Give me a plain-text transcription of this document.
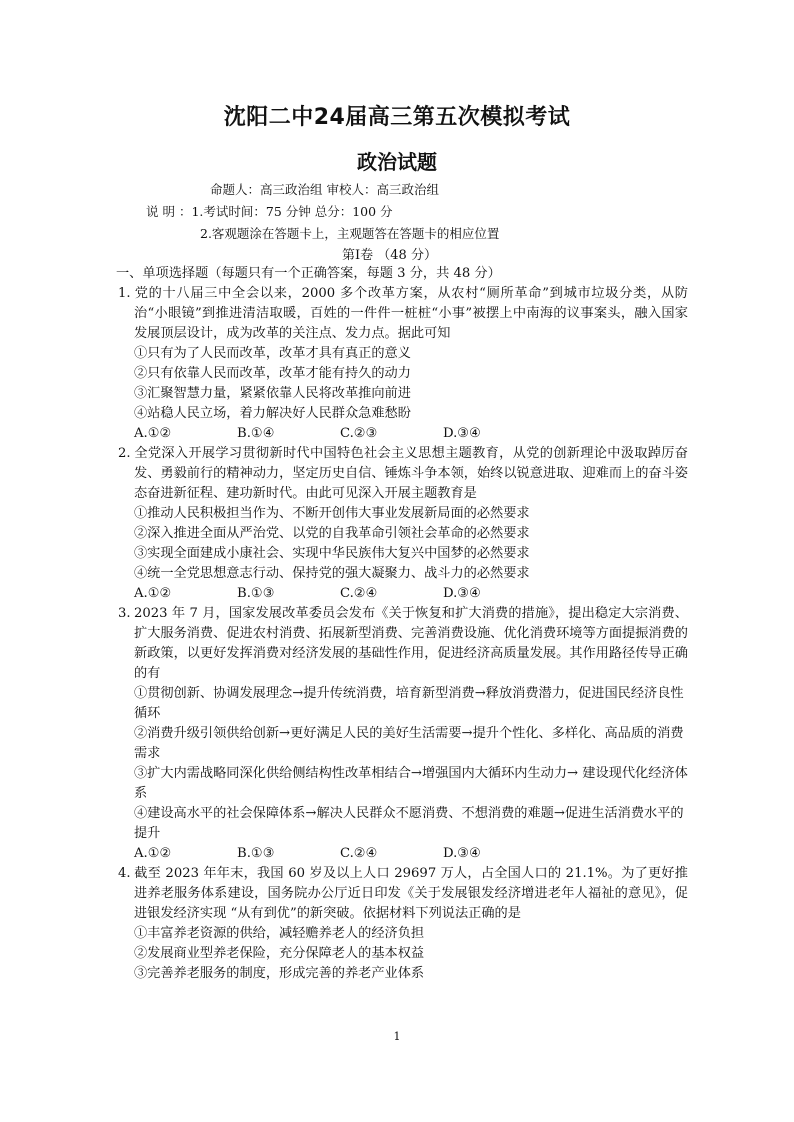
沈阳二中24届高三第五次模拟考试
政治试题
命题人：高三政治组 审校人：高三政治组
说 明 ：1.考试时间：75 分钟 总分：100 分
2.客观题涂在答题卡上，主观题答在答题卡的相应位置
第Ⅰ卷 （48 分）
一、单项选择题（每题只有一个正确答案，每题 3 分，共 48 分）
1. 党的十八届三中全会以来，2000 多个改革方案，从农村“厕所革命”到城市垃圾分类，从防治“小眼镜”到推进清洁取暖，百姓的一件件一桩桩“小事”被摆上中南海的议事案头，融入国家发展顶层设计，成为改革的关注点、发力点。据此可知
①只有为了人民而改革，改革才具有真正的意义
②只有依靠人民而改革，改革才能有持久的动力
③汇聚智慧力量，紧紧依靠人民将改革推向前进
④站稳人民立场，着力解决好人民群众急难愁盼
A.①②	B.①④	C.②③	D.③④
2. 全党深入开展学习贯彻新时代中国特色社会主义思想主题教育，从党的创新理论中汲取踔厉奋发、勇毅前行的精神动力，坚定历史自信、锤炼斗争本领，始终以锐意进取、迎难而上的奋斗姿态奋进新征程、建功新时代。由此可见深入开展主题教育是
①推动人民积极担当作为、不断开创伟大事业发展新局面的必然要求
②深入推进全面从严治党、以党的自我革命引领社会革命的必然要求
③实现全面建成小康社会、实现中华民族伟大复兴中国梦的必然要求
④统一全党思想意志行动、保持党的强大凝聚力、战斗力的必然要求
A.①②	B.①③	C.②④	D.③④
3. 2023 年 7 月，国家发展改革委员会发布《关于恢复和扩大消费的措施》，提出稳定大宗消费、扩大服务消费、促进农村消费、拓展新型消费、完善消费设施、优化消费环境等方面提振消费的新政策，以更好发挥消费对经济发展的基础性作用，促进经济高质量发展。其作用路径传导正确的有
①贯彻创新、协调发展理念→提升传统消费，培育新型消费→释放消费潜力，促进国民经济良性循环
②消费升级引领供给创新→更好满足人民的美好生活需要→提升个性化、多样化、高品质的消费需求
③扩大内需战略同深化供给侧结构性改革相结合→增强国内大循环内生动力→ 建设现代化经济体系
④建设高水平的社会保障体系→解决人民群众不愿消费、不想消费的难题→促进生活消费水平的提升
A.①②	B.①③	C.②④	D.③④
4. 截至 2023 年年末，我国 60 岁及以上人口 29697 万人，占全国人口的 21.1%。为了更好推进养老服务体系建设，国务院办公厅近日印发《关于发展银发经济增进老年人福祉的意见》，促进银发经济实现 “从有到优”的新突破。依据材料下列说法正确的是
①丰富养老资源的供给，减轻赡养老人的经济负担
②发展商业型养老保险，充分保障老人的基本权益
③完善养老服务的制度，形成完善的养老产业体系
1
